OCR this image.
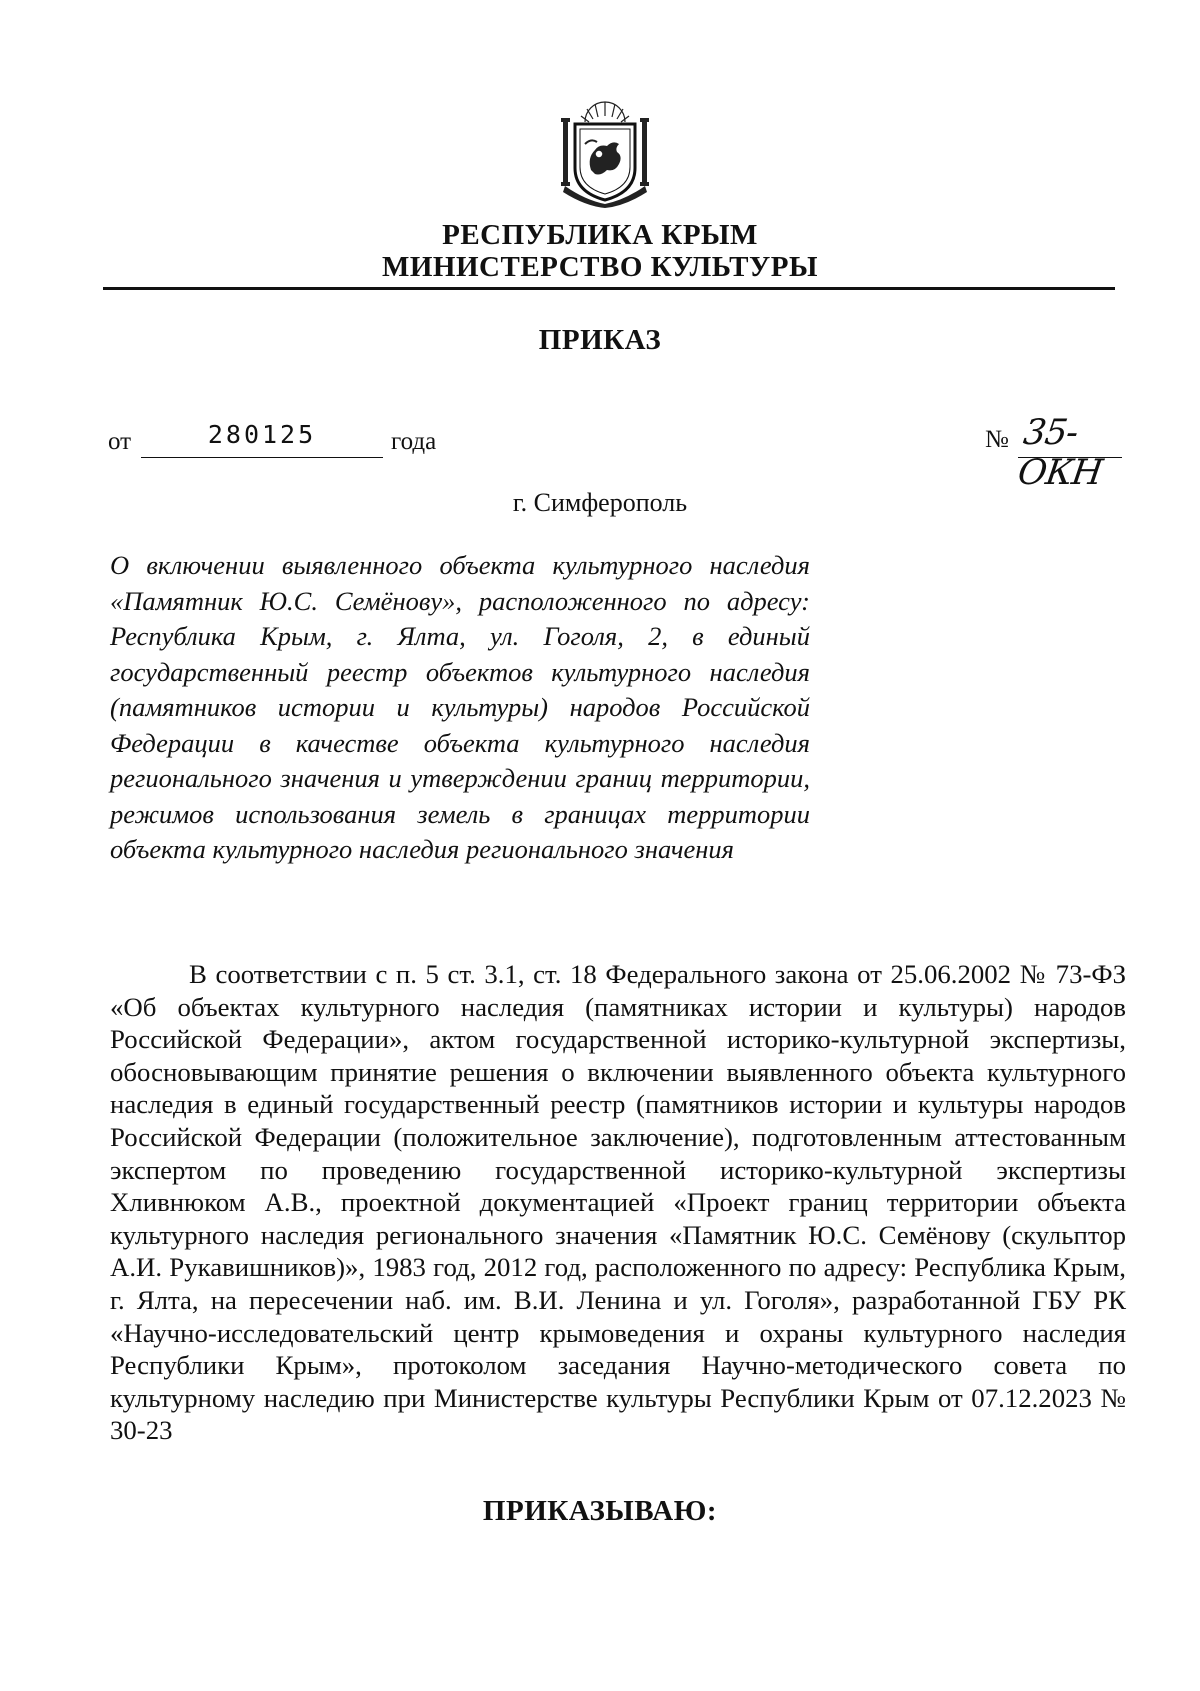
РЕСПУБЛИКА КРЫМ
МИНИСТЕРСТВО КУЛЬТУРЫ
ПРИКАЗ
от	280125	года	№ 35-ОКН
г. Симферополь
О включении выявленного объекта культурного наследия «Памятник Ю.С. Семёнову», расположенного по адресу: Республика Крым, г. Ялта, ул. Гоголя, 2, в единый государственный реестр объектов культурного наследия (памятников истории и культуры) народов Российской Федерации в качестве объекта культурного наследия регионального значения и утверждении границ территории, режимов использования земель в границах территории объекта культурного наследия регионального значения
В соответствии с п. 5 ст. 3.1, ст. 18 Федерального закона от 25.06.2002 № 73-ФЗ «Об объектах культурного наследия (памятниках истории и культуры) народов Российской Федерации», актом государственной историко-культурной экспертизы, обосновывающим принятие решения о включении выявленного объекта культурного наследия в единый государственный реестр (памятников истории и культуры народов Российской Федерации (положительное заключение), подготовленным аттестованным экспертом по проведению государственной историко-культурной экспертизы Хливнюком А.В., проектной документацией «Проект границ территории объекта культурного наследия регионального значения «Памятник Ю.С. Семёнову (скульптор А.И. Рукавишников)», 1983 год, 2012 год, расположенного по адресу: Республика Крым, г. Ялта, на пересечении наб. им. В.И. Ленина и ул. Гоголя», разработанной ГБУ РК «Научно-исследовательский центр крымоведения и охраны культурного наследия Республики Крым», протоколом заседания Научно-методического совета по культурному наследию при Министерстве культуры Республики Крым от 07.12.2023 № 30-23
ПРИКАЗЫВАЮ:
